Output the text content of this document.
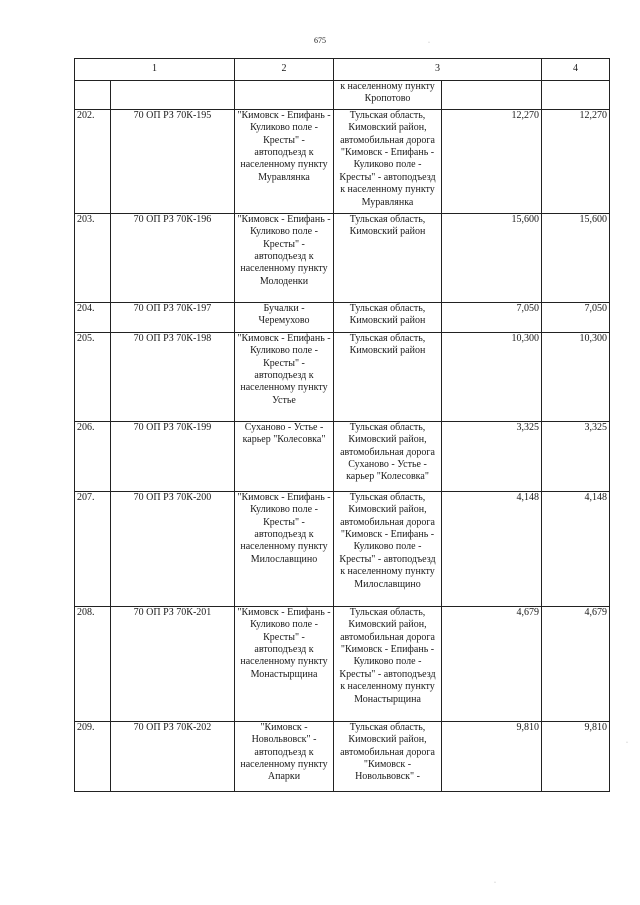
675	·
·
·
1		2	3		4
			к населенному пункту Кропотово		
202.	70 ОП РЗ 70К-195	"Кимовск - Епифань - Куликово поле - Кресты" - автоподъезд к населенному пункту Муравлянка	Тульская область, Кимовский район, автомобильная дорога "Кимовск - Епифань - Куликово поле - Кресты" - автоподъезд к населенному пункту Муравлянка	12,270	12,270
203.	70 ОП РЗ 70К-196	"Кимовск - Епифань - Куликово поле - Кресты" - автоподъезд к населенному пункту Молоденки	Тульская область, Кимовский район	15,600	15,600
204.	70 ОП РЗ 70К-197	Бучалки - Черемухово	Тульская область, Кимовский район	7,050	7,050
205.	70 ОП РЗ 70К-198	"Кимовск - Епифань - Куликово поле - Кресты" - автоподъезд к населенному пункту Устье	Тульская область, Кимовский район	10,300	10,300
206.	70 ОП РЗ 70К-199	Суханово - Устье - карьер "Колесовка"	Тульская область, Кимовский район, автомобильная дорога Суханово - Устье - карьер "Колесовка"	3,325	3,325
207.	70 ОП РЗ 70К-200	"Кимовск - Епифань - Куликово поле - Кресты" - автоподъезд к населенному пункту Милославщино	Тульская область, Кимовский район, автомобильная дорога "Кимовск - Епифань - Куликово поле - Кресты" - автоподъезд к населенному пункту Милославщино	4,148	4,148
208.	70 ОП РЗ 70К-201	"Кимовск - Епифань - Куликово поле - Кресты" - автоподъезд к населенному пункту Монастырщина	Тульская область, Кимовский район, автомобильная дорога "Кимовск - Епифань - Куликово поле - Кресты" - автоподъезд к населенному пункту Монастырщина	4,679	4,679
209.	70 ОП РЗ 70К-202	"Кимовск - Новольвовск" - автоподъезд к населенному пункту Апарки	Тульская область, Кимовский район, автомобильная дорога "Кимовск - Новольвовск" -	9,810	9,810
